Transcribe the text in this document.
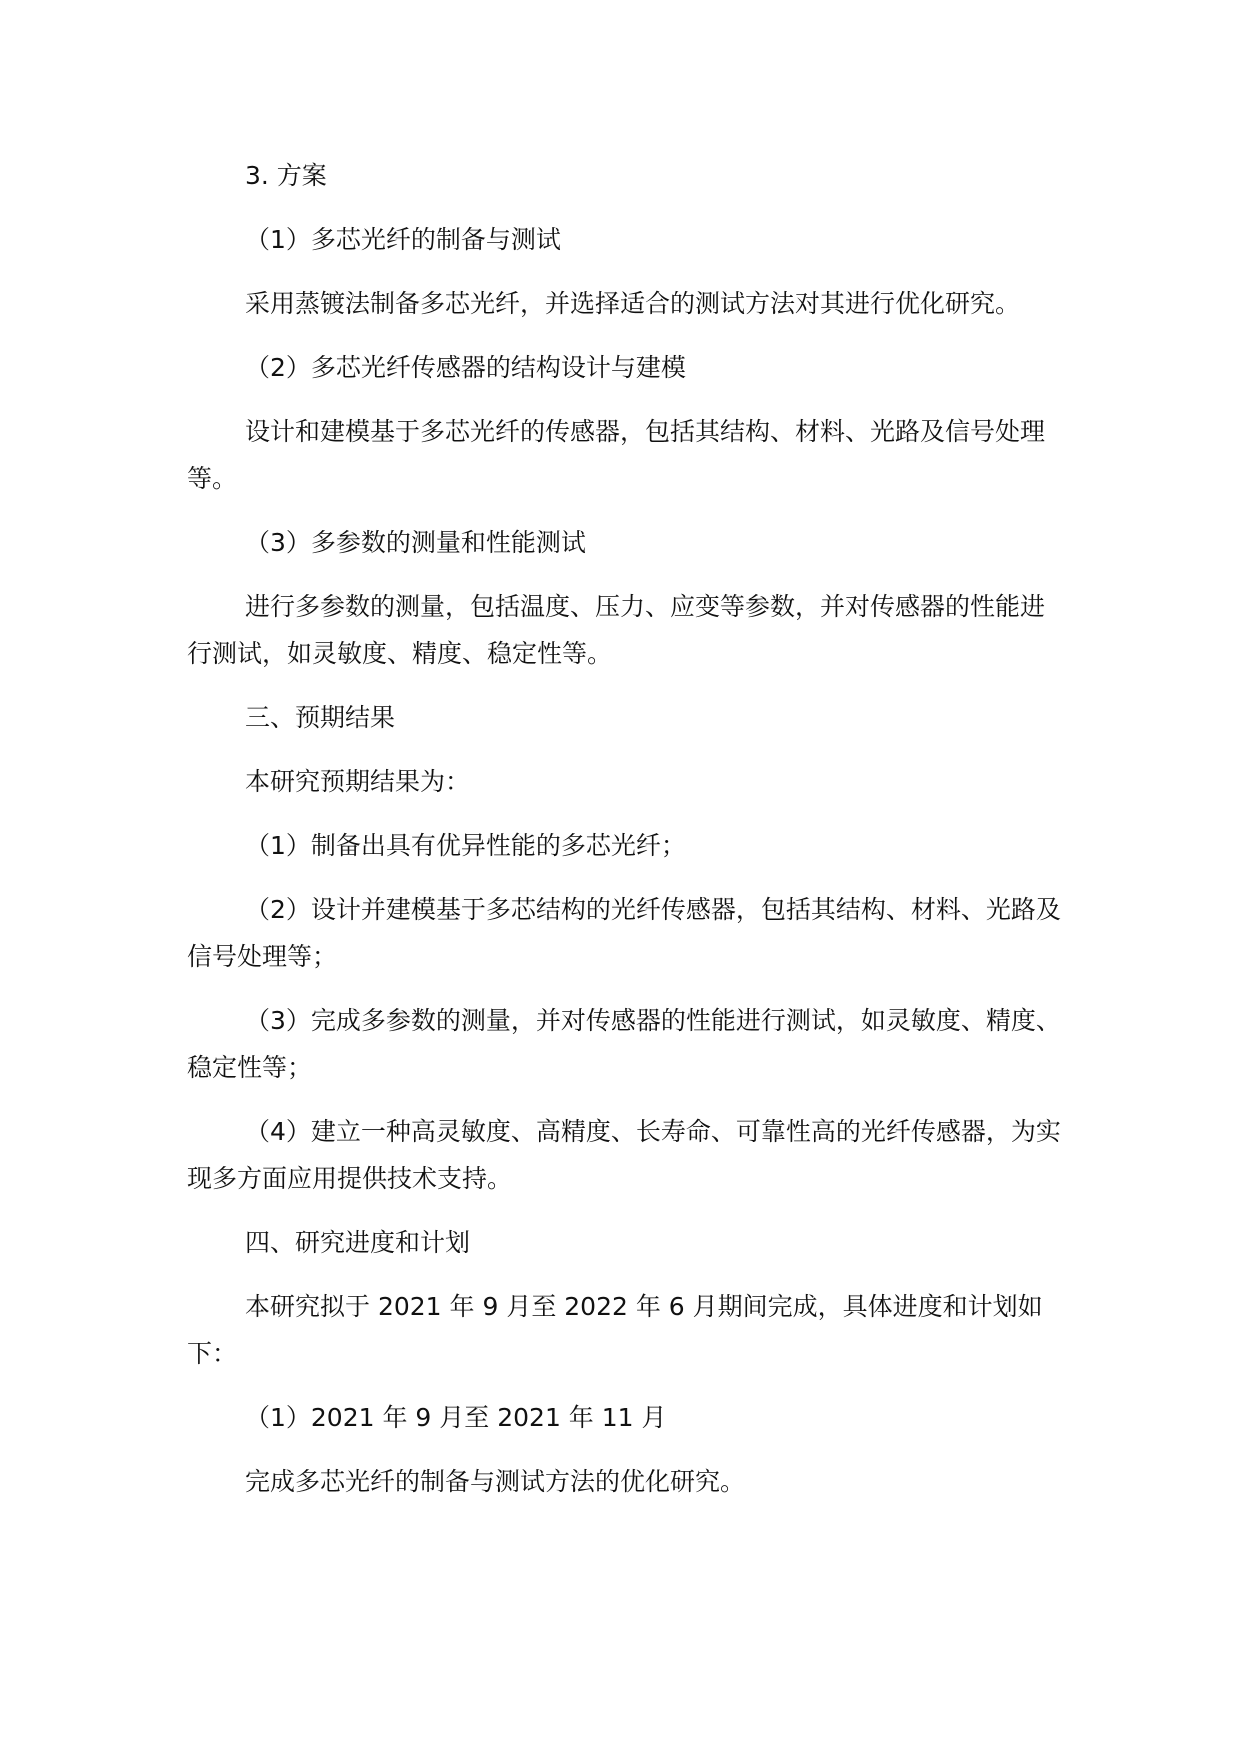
3. 方案

（1）多芯光纤的制备与测试

采用蒸镀法制备多芯光纤，并选择适合的测试方法对其进行优化研究。

（2）多芯光纤传感器的结构设计与建模

设计和建模基于多芯光纤的传感器，包括其结构、材料、光路及信号处理等。

（3）多参数的测量和性能测试

进行多参数的测量，包括温度、压力、应变等参数，并对传感器的性能进行测试，如灵敏度、精度、稳定性等。

三、预期结果

本研究预期结果为：

（1）制备出具有优异性能的多芯光纤；

（2）设计并建模基于多芯结构的光纤传感器，包括其结构、材料、光路及信号处理等；

（3）完成多参数的测量，并对传感器的性能进行测试，如灵敏度、精度、稳定性等；

（4）建立一种高灵敏度、高精度、长寿命、可靠性高的光纤传感器，为实现多方面应用提供技术支持。

四、研究进度和计划

本研究拟于 2021 年 9 月至 2022 年 6 月期间完成，具体进度和计划如下：

（1）2021 年 9 月至 2021 年 11 月

完成多芯光纤的制备与测试方法的优化研究。
